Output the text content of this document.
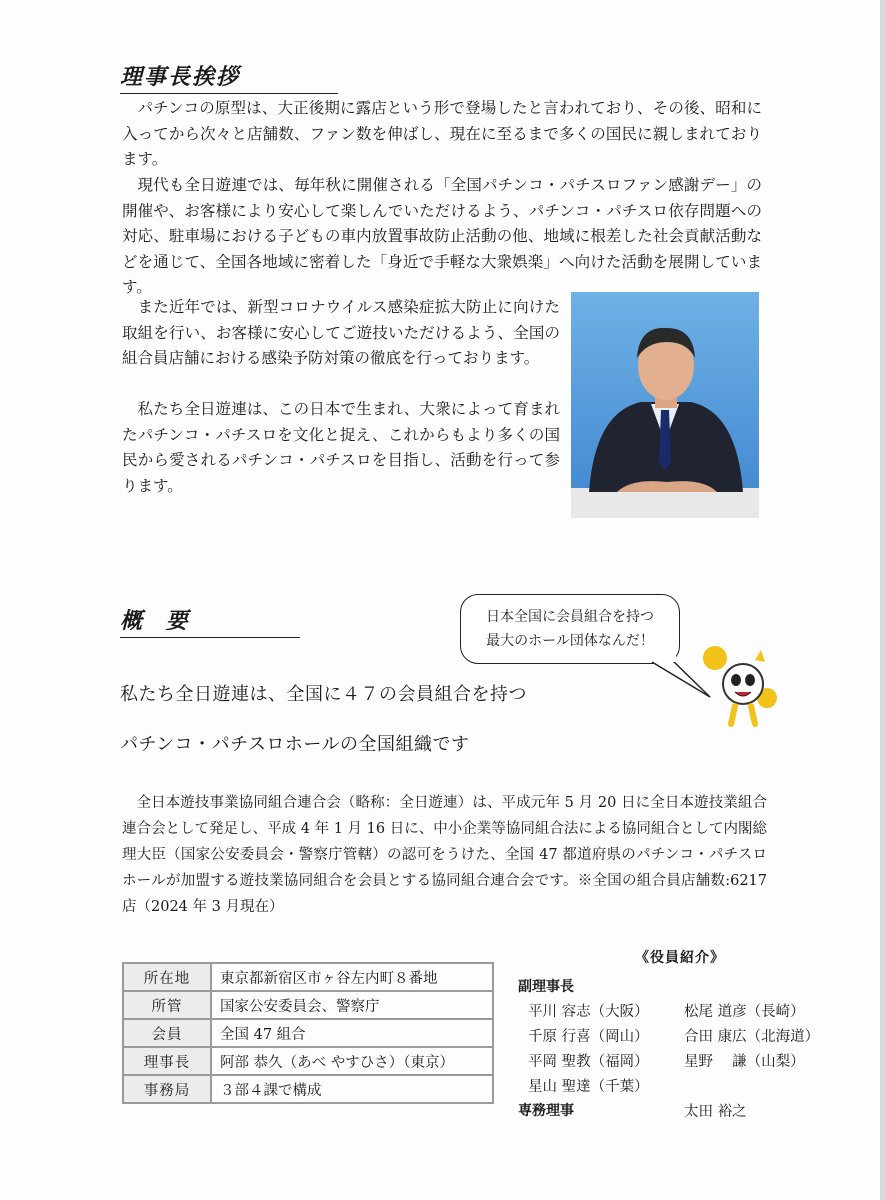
理事長挨拶

パチンコの原型は、大正後期に露店という形で登場したと言われており、その後、昭和に入ってから次々と店舗数、ファン数を伸ばし、現在に至るまで多くの国民に親しまれております。

現代も全日遊連では、毎年秋に開催される「全国パチンコ・パチスロファン感謝デー」の開催や、お客様により安心して楽しんでいただけるよう、パチンコ・パチスロ依存問題への対応、駐車場における子どもの車内放置事故防止活動の他、地域に根差した社会貢献活動などを通じて、全国各地域に密着した「身近で手軽な大衆娯楽」へ向けた活動を展開しています。

また近年では、新型コロナウイルス感染症拡大防止に向けた取組を行い、お客様に安心してご遊技いただけるよう、全国の組合員店舗における感染予防対策の徹底を行っております。

私たち全日遊連は、この日本で生まれ、大衆によって育まれたパチンコ・パチスロを文化と捉え、これからもより多くの国民から愛されるパチンコ・パチスロを目指し、活動を行って参ります。

概 要	日本全国に会員組合を持つ
最大のホール団体なんだ！
私たち全日遊連は、全国に４７の会員組合を持つ
パチンコ・パチスロホールの全国組織です

全日本遊技事業協同組合連合会（略称：全日遊連）は、平成元年 5 月 20 日に全日本遊技業組合連合会として発足し、平成 4 年 1 月 16 日に、中小企業等協同組合法による協同組合として内閣総理大臣（国家公安委員会・警察庁管轄）の認可をうけた、全国 47 都道府県のパチンコ・パチスロホールが加盟する遊技業協同組合を会員とする協同組合連合会です。※全国の組合員店舗数:6217 店（2024 年 3 月現在）

所在地	東京都新宿区市ヶ谷左内町８番地
所管	国家公安委員会、警察庁
会員	全国 47 組合
理事長	阿部 恭久（あべ やすひさ）（東京）
事務局	３部４課で構成
《役員紹介》
副理事長
平川 容志（大阪） 松尾 道彦（長崎）
千原 行喜（岡山） 合田 康広（北海道）
平岡 聖教（福岡） 星野　 謙（山梨）
星山 聖達（千葉）
専務理事	太田 裕之
